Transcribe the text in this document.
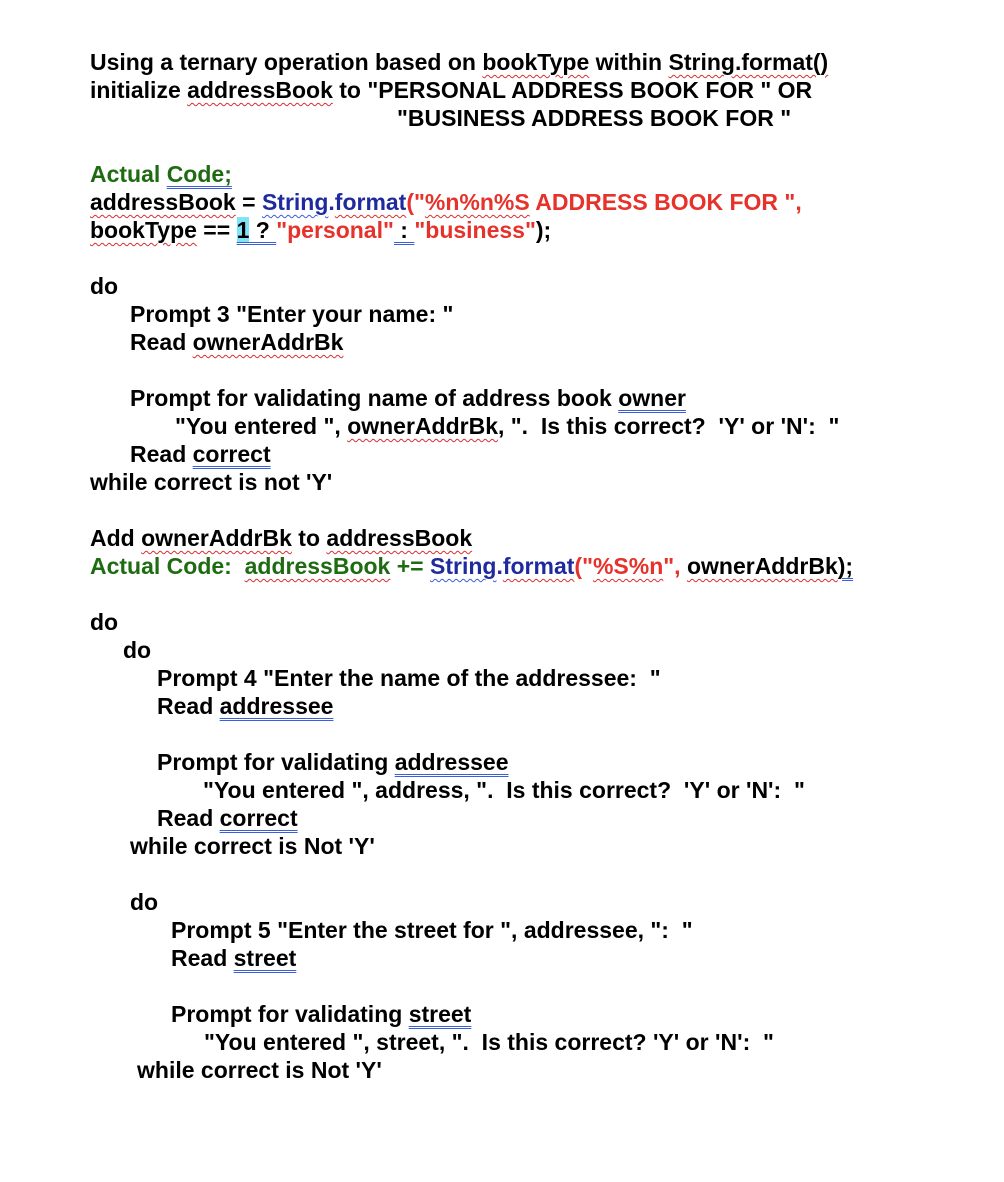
Using a ternary operation based on bookType within String.format()
initialize addressBook to "PERSONAL ADDRESS BOOK FOR " OR
"BUSINESS ADDRESS BOOK FOR "
Actual Code;
addressBook = String.format("%n%n%S ADDRESS BOOK FOR ",
bookType == 1 ? "personal" : "business");
do
Prompt 3 "Enter your name: "
Read ownerAddrBk
Prompt for validating name of address book owner
"You entered ", ownerAddrBk, ".  Is this correct?  'Y' or 'N':  "
Read correct
while correct is not 'Y'
Add ownerAddrBk to addressBook
Actual Code:  addressBook += String.format("%S%n", ownerAddrBk);
do
do
Prompt 4 "Enter the name of the addressee:  "
Read addressee
Prompt for validating addressee
"You entered ", address, ".  Is this correct?  'Y' or 'N':  "
Read correct
while correct is Not 'Y'
do
Prompt 5 "Enter the street for ", addressee, ":  "
Read street
Prompt for validating street
"You entered ", street, ".  Is this correct? 'Y' or 'N':  "
while correct is Not 'Y'
